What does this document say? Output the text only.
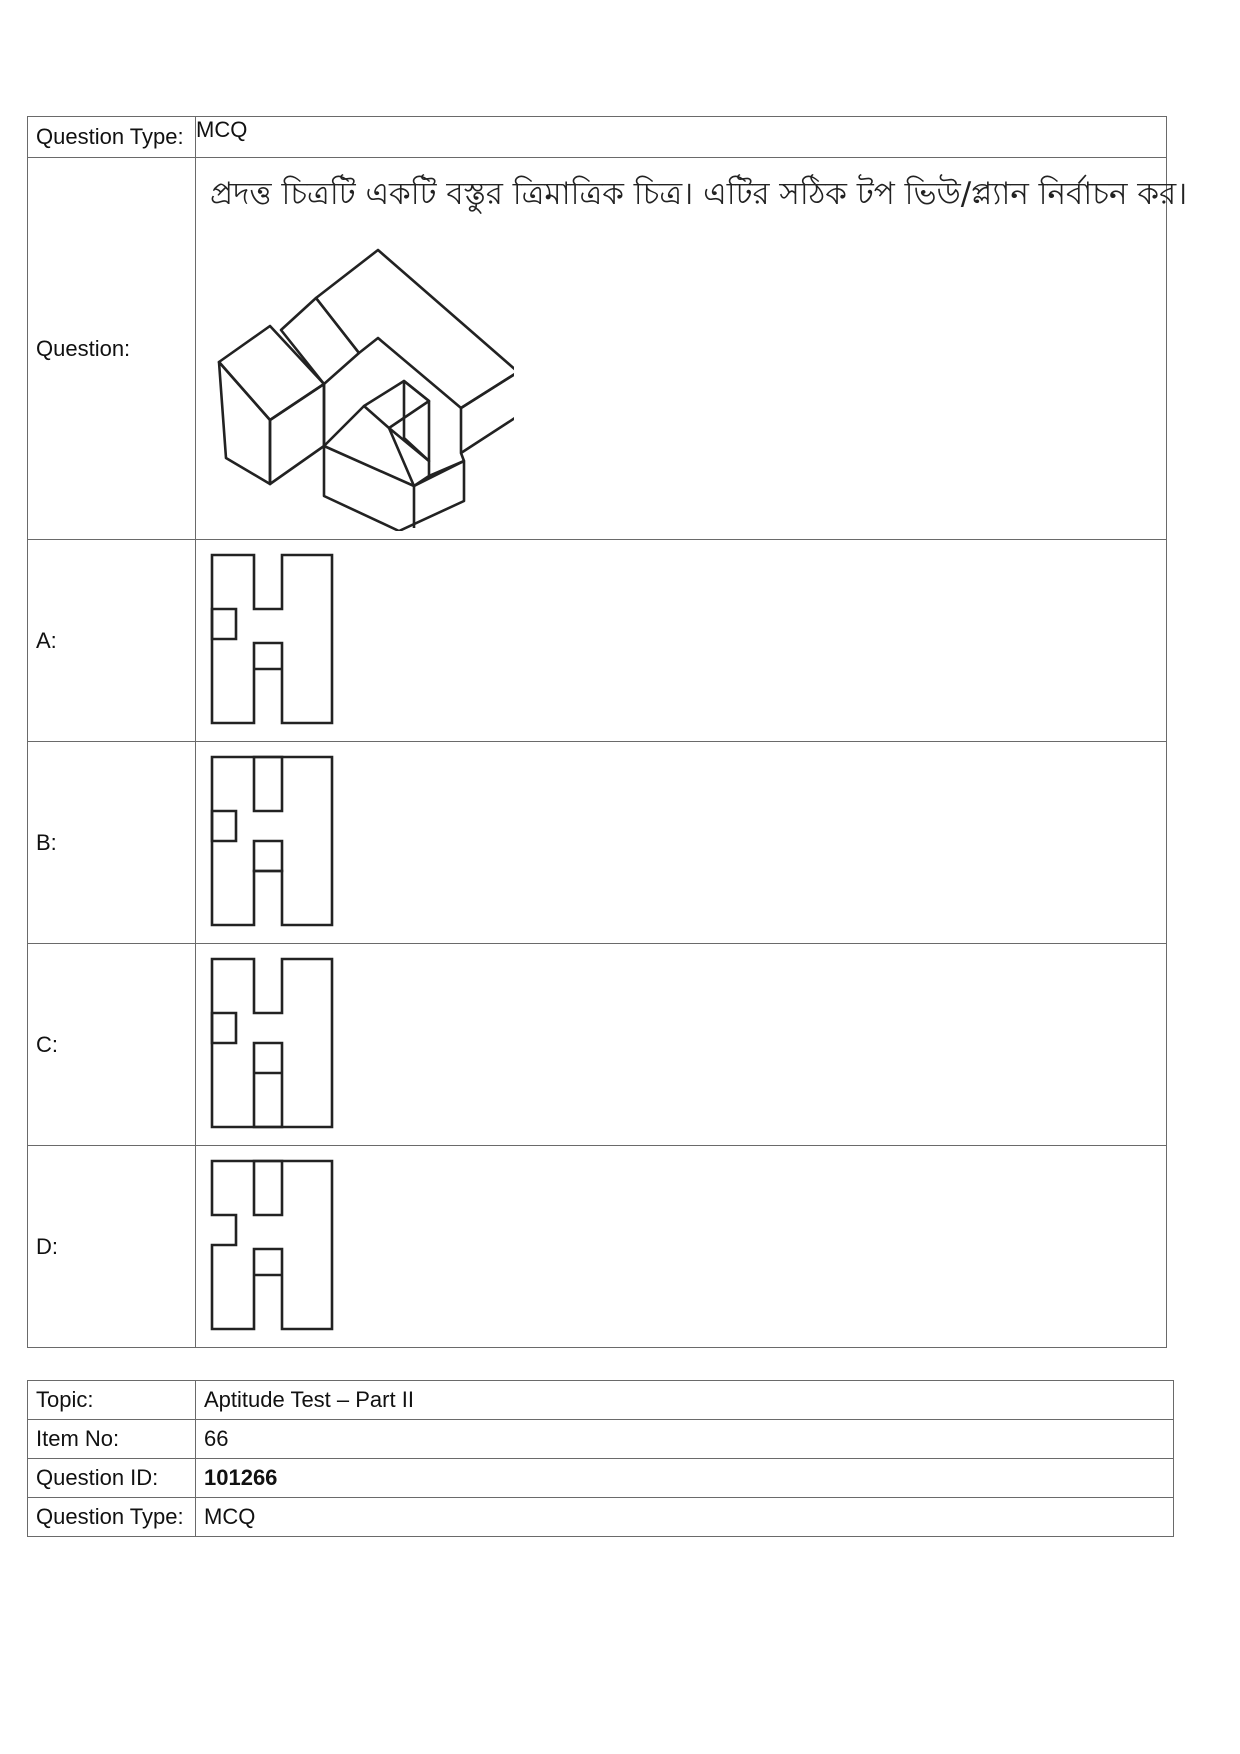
Question Type:	MCQ
Question:	প্রদত্ত চিত্রটি একটি বস্তুর ত্রিমাত্রিক চিত্র। এটির সঠিক টপ ভিউ/প্ল্যান নির্বাচন কর।

A:	

B:	

C:	

D:	
Topic:	Aptitude Test – Part II
Item No:	66
Question ID:	101266
Question Type:	MCQ
